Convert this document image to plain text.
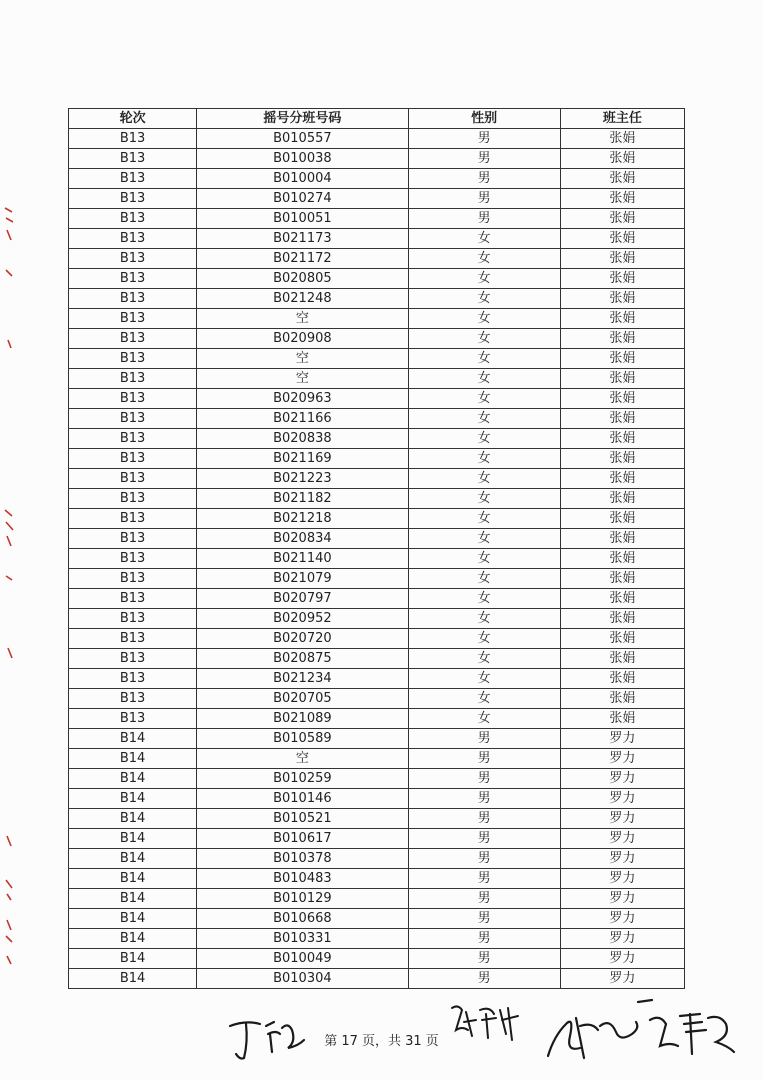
轮次	摇号分班号码	性别	班主任
B13	B010557	男	张娟
B13	B010038	男	张娟
B13	B010004	男	张娟
B13	B010274	男	张娟
B13	B010051	男	张娟
B13	B021173	女	张娟
B13	B021172	女	张娟
B13	B020805	女	张娟
B13	B021248	女	张娟
B13	空	女	张娟
B13	B020908	女	张娟
B13	空	女	张娟
B13	空	女	张娟
B13	B020963	女	张娟
B13	B021166	女	张娟
B13	B020838	女	张娟
B13	B021169	女	张娟
B13	B021223	女	张娟
B13	B021182	女	张娟
B13	B021218	女	张娟
B13	B020834	女	张娟
B13	B021140	女	张娟
B13	B021079	女	张娟
B13	B020797	女	张娟
B13	B020952	女	张娟
B13	B020720	女	张娟
B13	B020875	女	张娟
B13	B021234	女	张娟
B13	B020705	女	张娟
B13	B021089	女	张娟
B14	B010589	男	罗力
B14	空	男	罗力
B14	B010259	男	罗力
B14	B010146	男	罗力
B14	B010521	男	罗力
B14	B010617	男	罗力
B14	B010378	男	罗力
B14	B010483	男	罗力
B14	B010129	男	罗力
B14	B010668	男	罗力
B14	B010331	男	罗力
B14	B010049	男	罗力
B14	B010304	男	罗力
第 17 页，共 31 页
